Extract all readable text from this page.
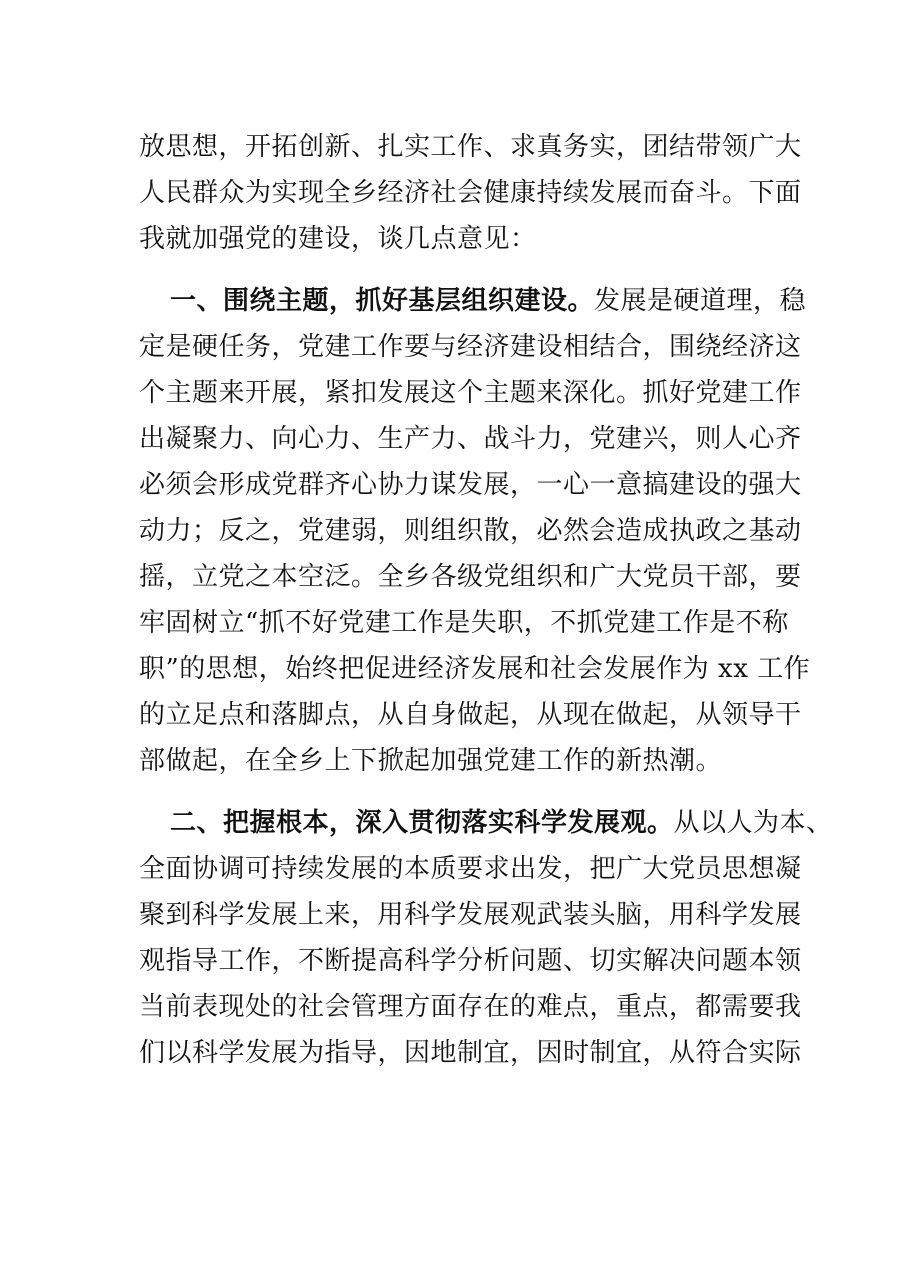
放思想，开拓创新、扎实工作、求真务实，团结带领广大
人民群众为实现全乡经济社会健康持续发展而奋斗。下面
我就加强党的建设，谈几点意见：
一、围绕主题，抓好基层组织建设。发展是硬道理，稳
定是硬任务，党建工作要与经济建设相结合，围绕经济这
个主题来开展，紧扣发展这个主题来深化。抓好党建工作
出凝聚力、向心力、生产力、战斗力，党建兴，则人心齐
必须会形成党群齐心协力谋发展，一心一意搞建设的强大
动力；反之，党建弱，则组织散，必然会造成执政之基动
摇，立党之本空泛。全乡各级党组织和广大党员干部，要
牢固树立“抓不好党建工作是失职，不抓党建工作是不称
职”的思想，始终把促进经济发展和社会发展作为 xx 工作
的立足点和落脚点，从自身做起，从现在做起，从领导干
部做起，在全乡上下掀起加强党建工作的新热潮。
二、把握根本，深入贯彻落实科学发展观。从以人为本、
全面协调可持续发展的本质要求出发，把广大党员思想凝
聚到科学发展上来，用科学发展观武装头脑，用科学发展
观指导工作，不断提高科学分析问题、切实解决问题本领
当前表现处的社会管理方面存在的难点，重点，都需要我
们以科学发展为指导，因地制宜，因时制宜，从符合实际
